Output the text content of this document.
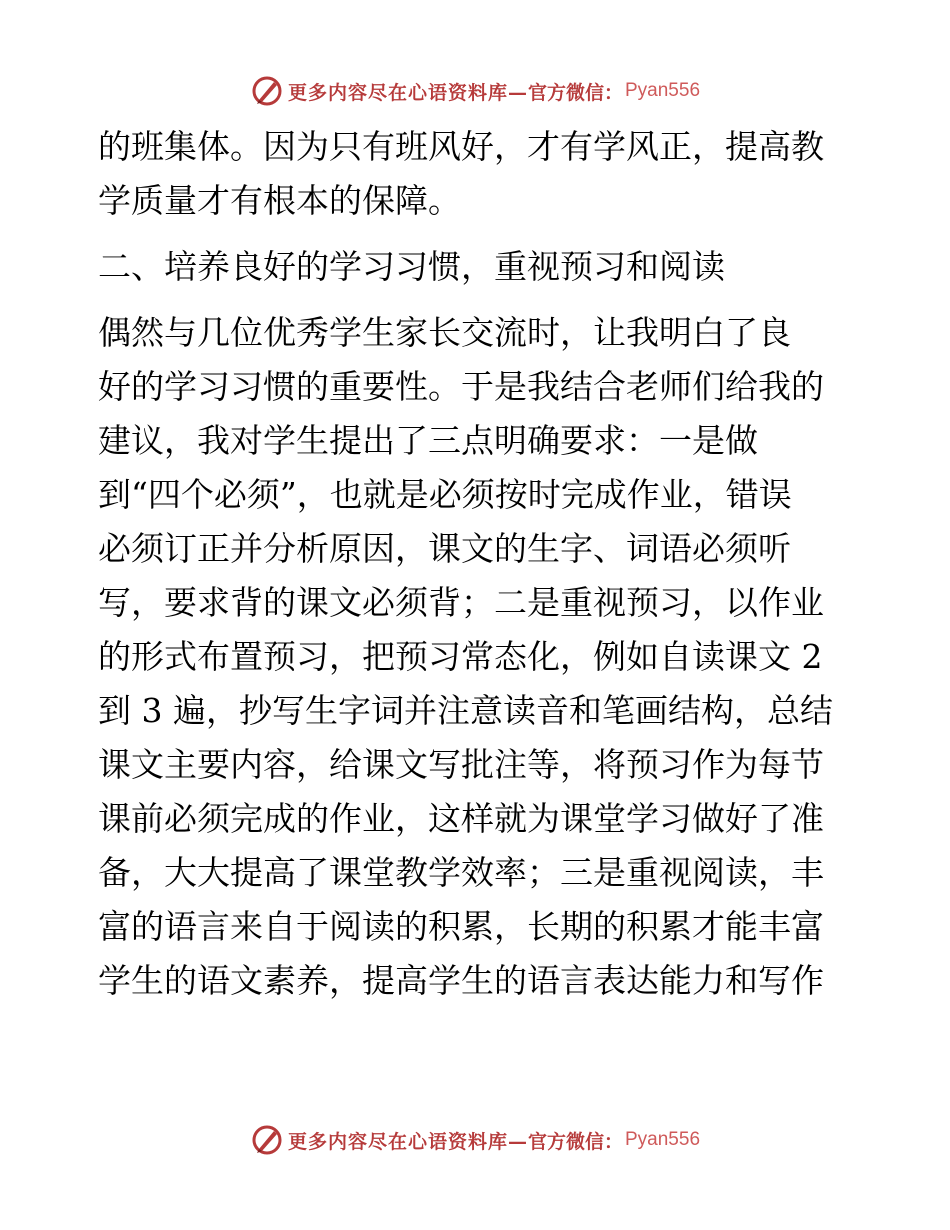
更多内容尽在心语资料库— 官方微信： Pyan556
的班集体。因为只有班风好，才有学风正，提高教
学质量才有根本的保障。
二、培养良好的学习习惯，重视预习和阅读
偶然与几位优秀学生家长交流时，让我明白了良
好的学习习惯的重要性。于是我结合老师们给我的
建议，我对学生提出了三点明确要求：一是做
到“四个必须”，也就是必须按时完成作业，错误
必须订正并分析原因，课文的生字、词语必须听
写，要求背的课文必须背；二是重视预习，以作业
的形式布置预习，把预习常态化，例如自读课文 2
到 3 遍，抄写生字词并注意读音和笔画结构，总结
课文主要内容，给课文写批注等，将预习作为每节
课前必须完成的作业，这样就为课堂学习做好了准
备，大大提高了课堂教学效率；三是重视阅读，丰
富的语言来自于阅读的积累，长期的积累才能丰富
学生的语文素养，提高学生的语言表达能力和写作
更多内容尽在心语资料库— 官方微信： Pyan556
